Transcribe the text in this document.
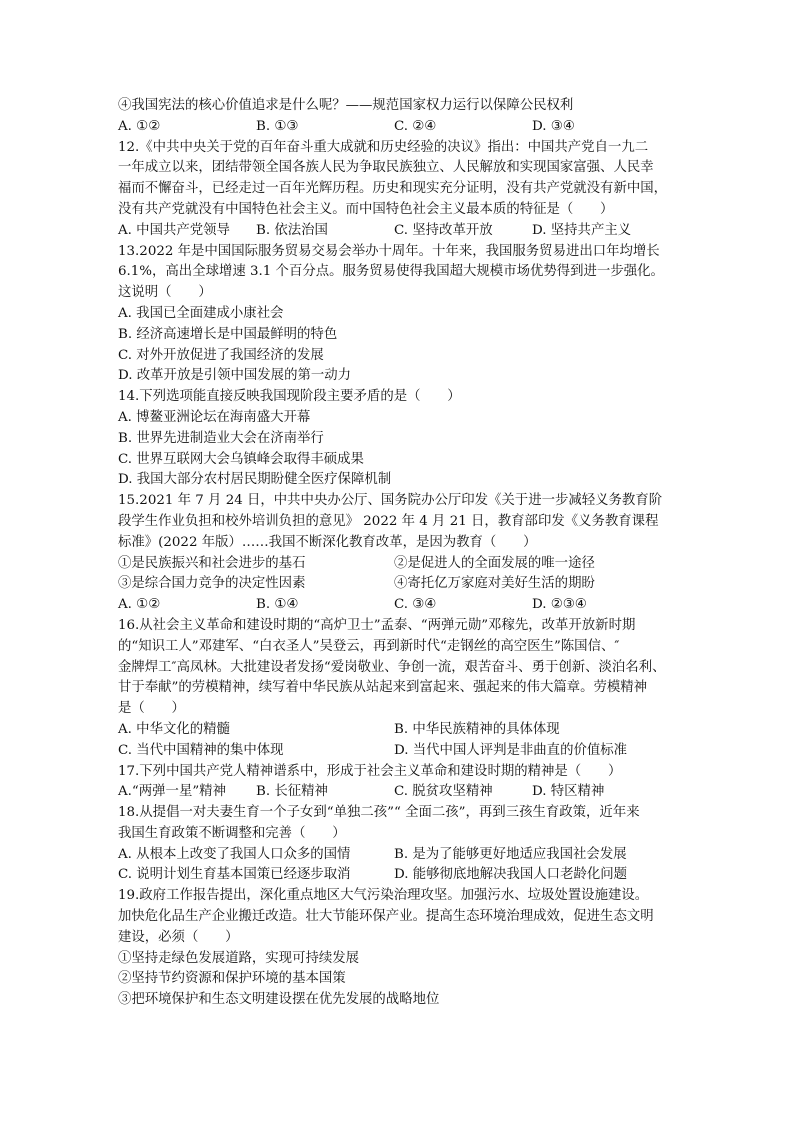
④我国宪法的核心价值追求是什么呢？——规范国家权力运行以保障公民权利
A. ①②	B. ①③	C. ②④	D. ③④
12.《中共中央关于党的百年奋斗重大成就和历史经验的决议》指出：中国共产党自一九二
一年成立以来，团结带领全国各族人民为争取民族独立、人民解放和实现国家富强、人民幸
福而不懈奋斗，已经走过一百年光辉历程。历史和现实充分证明，没有共产党就没有新中国，
没有共产党就没有中国特色社会主义。而中国特色社会主义最本质的特征是（　　）
A. 中国共产党领导	B. 依法治国	C. 坚持改革开放	D. 坚持共产主义
13.2022 年是中国国际服务贸易交易会举办十周年。十年来，我国服务贸易进出口年均增长
6.1%，高出全球增速 3.1 个百分点。服务贸易使得我国超大规模市场优势得到进一步强化。
这说明（　　）
A. 我国已全面建成小康社会
B. 经济高速增长是中国最鲜明的特色
C. 对外开放促进了我国经济的发展
D. 改革开放是引领中国发展的第一动力
14.下列选项能直接反映我国现阶段主要矛盾的是（　　）
A. 博鳌亚洲论坛在海南盛大开幕
B. 世界先进制造业大会在济南举行
C. 世界互联网大会乌镇峰会取得丰硕成果
D. 我国大部分农村居民期盼健全医疗保障机制
15.2021 年 7 月 24 日，中共中央办公厅、国务院办公厅印发《关于进一步减轻义务教育阶
段学生作业负担和校外培训负担的意见》 2022 年 4 月 21 日，教育部印发《义务教育课程
标准》(2022 年版）……我国不断深化教育改革，是因为教育（　　）
①是民族振兴和社会进步的基石	②是促进人的全面发展的唯一途径
③是综合国力竞争的决定性因素	④寄托亿万家庭对美好生活的期盼
A. ①②	B. ①④	C. ③④	D. ②③④
16.从社会主义革命和建设时期的“高炉卫士”孟泰、“两弹元勋”邓稼先，改革开放新时期
的“知识工人”邓建军、“白衣圣人”吴登云，再到新时代“走钢丝的高空医生”陈国信、″
金牌焊工″高凤林。大批建设者发扬“爱岗敬业、争创一流，艰苦奋斗、勇于创新、淡泊名利、
甘于奉献”的劳模精神，续写着中华民族从站起来到富起来、强起来的伟大篇章。劳模精神
是（　　）
A. 中华文化的精髓	B. 中华民族精神的具体体现
C. 当代中国精神的集中体现	D. 当代中国人评判是非曲直的价值标准
17.下列中国共产党人精神谱系中，形成于社会主义革命和建设时期的精神是（　　）
A.“两弹一星”精神	B. 长征精神	C. 脱贫攻坚精神	D. 特区精神
18.从提倡一对夫妻生育一个子女到“单独二孩”“ 全面二孩”，再到三孩生育政策，近年来
我国生育政策不断调整和完善（　　）
A. 从根本上改变了我国人口众多的国情	B. 是为了能够更好地适应我国社会发展
C. 说明计划生育基本国策已经逐步取消	D. 能够彻底地解决我国人口老龄化问题
19.政府工作报告提出，深化重点地区大气污染治理攻坚。加强污水、垃圾处置设施建设。
加快危化品生产企业搬迁改造。壮大节能环保产业。提高生态环境治理成效，促进生态文明
建设，必须（　　）
①坚持走绿色发展道路，实现可持续发展
②坚持节约资源和保护环境的基本国策
③把环境保护和生态文明建设摆在优先发展的战略地位
